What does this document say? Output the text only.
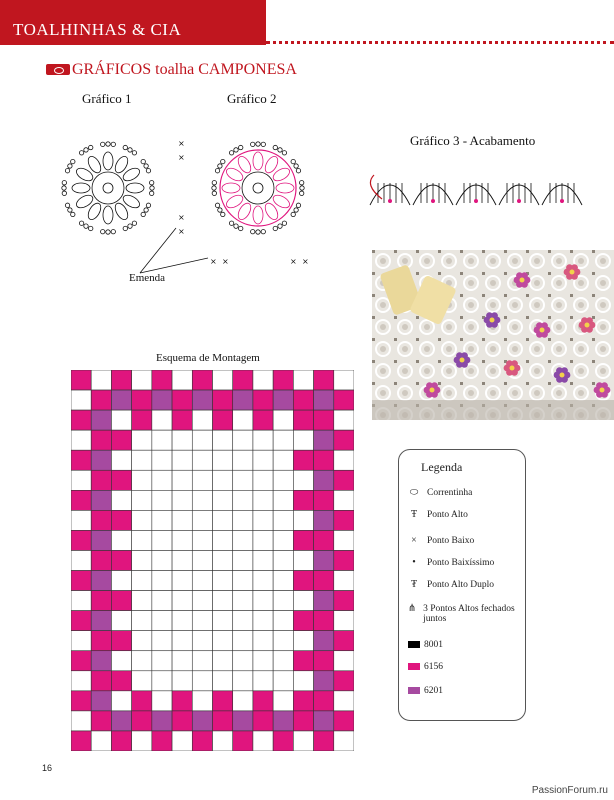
TOALHINHAS & CIA
GRÁFICOS toalha CAMPONESA
Gráfico 1	Gráfico 2
Gráfico 3 - Acabamento
Emenda
Esquema de Montagem
×
×
×
×
× ×	× ×
Legenda
⬭ Correntinha
Ŧ	Ponto Alto
×	Ponto Baixo
•	Ponto Baixíssimo
₮	Ponto Alto Duplo
⋔ 3 Pontos Altos fechados juntos
8001
6156
6201
16
PassionForum.ru
